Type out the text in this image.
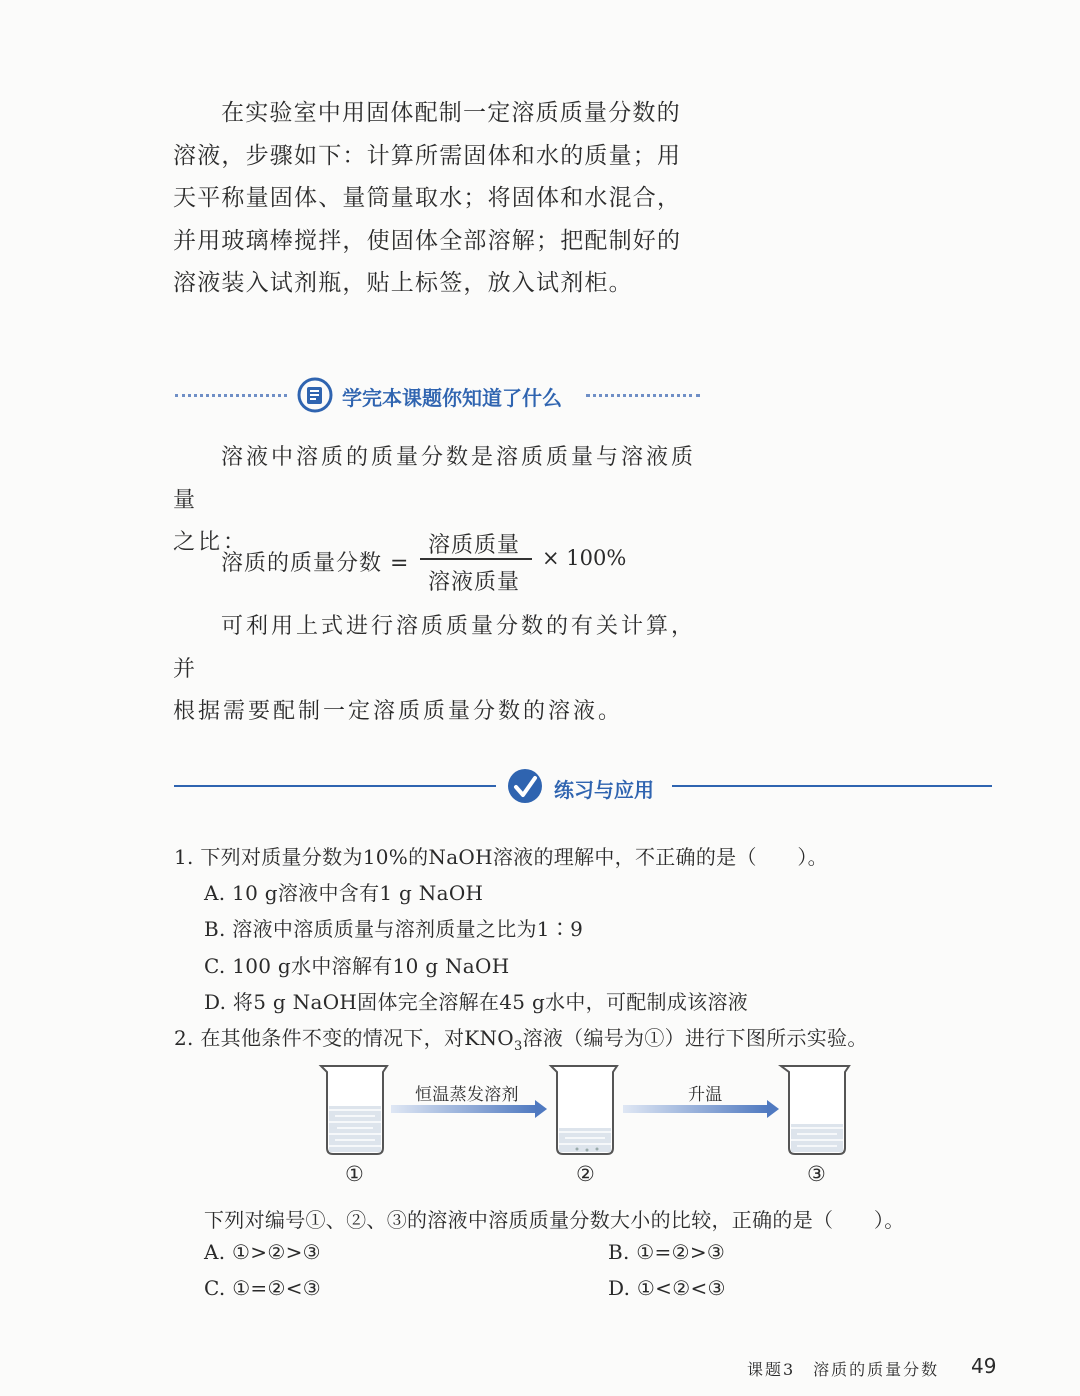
在实验室中用固体配制一定溶质质量分数的

溶液，步骤如下：计算所需固体和水的质量；用
天平称量固体、量筒量取水；将固体和水混合，
并用玻璃棒搅拌，使固体全部溶解；把配制好的
溶液装入试剂瓶，贴上标签，放入试剂柜。
学完本课题你知道了什么

溶液中溶质的质量分数是溶质质量与溶液质量

之比：
溶质的质量分数 =
溶质质量
溶液质量
× 100%

可利用上式进行溶质质量分数的有关计算，并

根据需要配制一定溶质质量分数的溶液。
练习与应用
1. 下列对质量分数为10%的NaOH溶液的理解中，不正确的是（　　）。
A. 10 g溶液中含有1 g NaOH
B. 溶液中溶质质量与溶剂质量之比为1∶9
C. 100 g水中溶解有10 g NaOH
D. 将5 g NaOH固体完全溶解在45 g水中，可配制成该溶液
2. 在其他条件不变的情况下，对$KNO_3$溶液（编号为①）进行下图所示实验。
恒温蒸发溶剂	升温
①	②	③
下列对编号①、②、③的溶液中溶质质量分数大小的比较，正确的是（　　）。
A. ①>②>③	B. ①=②>③
C. ①=②<③	D. ①<②<③
课题3　溶质的质量分数 49
